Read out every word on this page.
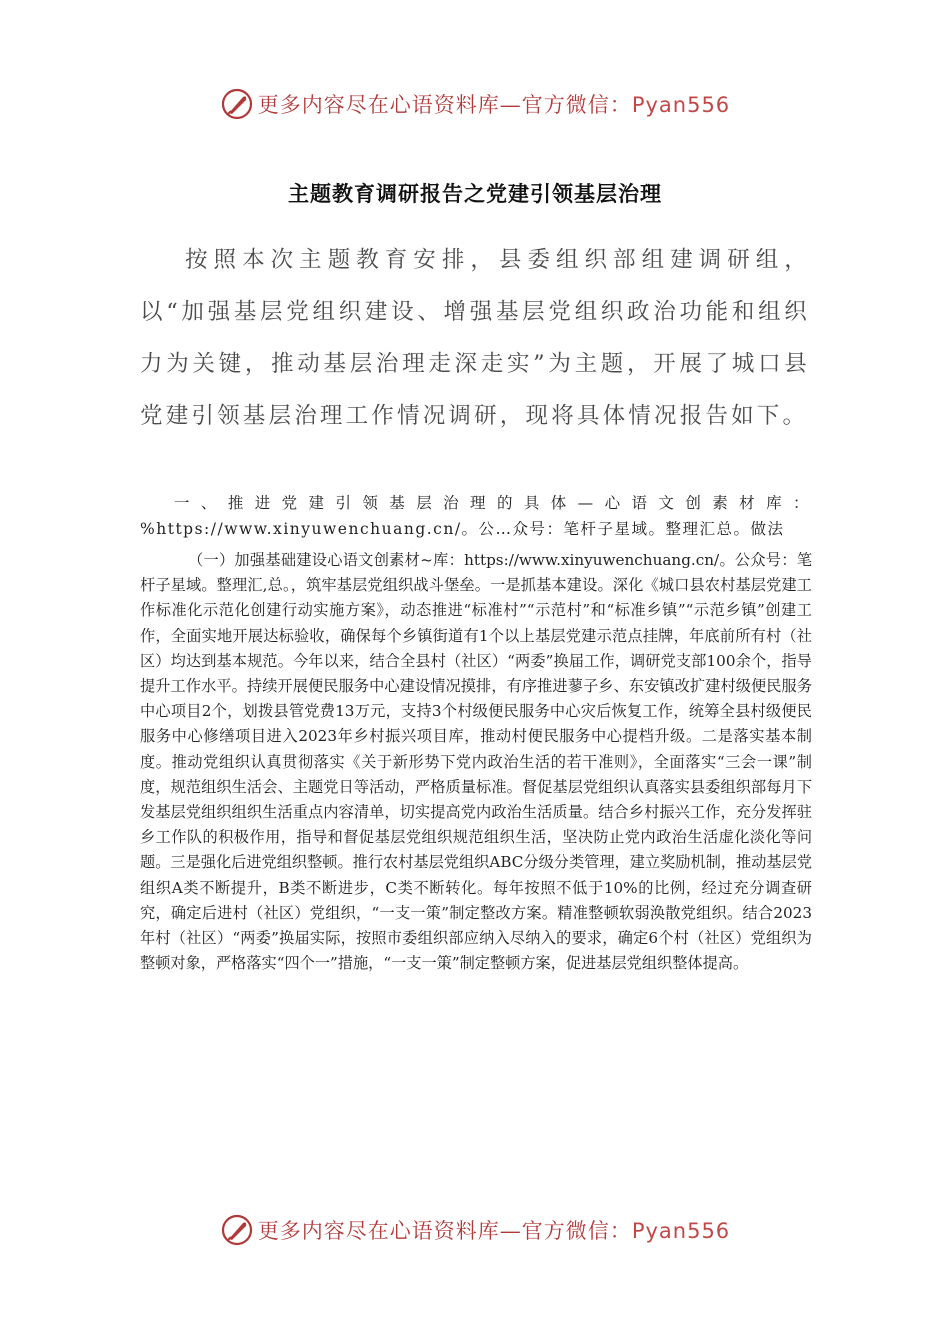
更多内容尽在心语资料库—官方微信：Pyan556
主题教育调研报告之党建引领基层治理

按照本次主题教育安排，县委组织部组建调研组，以“加强基层党组织建设、增强基层党组织政治功能和组织力为关键，推动基层治理走深走实”为主题，开展了城口县党建引领基层治理工作情况调研，现将具体情况报告如下。

一、推进党建引领基层治理的具体—心语文创素材库：%https://www.xinyuwenchuang.cn/。公…众号：笔杆子星域。整理汇总。做法

（一）加强基础建设心语文创素材~库：https://www.xinyuwenchuang.cn/。公众号：笔杆子星域。整理汇,总。，筑牢基层党组织战斗堡垒。一是抓基本建设。深化《城口县农村基层党建工作标准化示范化创建行动实施方案》，动态推进“标准村”“示范村”和“标准乡镇”“示范乡镇”创建工作，全面实地开展达标验收，确保每个乡镇街道有1个以上基层党建示范点挂牌，年底前所有村（社区）均达到基本规范。今年以来，结合全县村（社区）“两委”换届工作，调研党支部100余个，指导提升工作水平。持续开展便民服务中心建设情况摸排，有序推进蓼子乡、东安镇改扩建村级便民服务中心项目2个，划拨县管党费13万元，支持3个村级便民服务中心灾后恢复工作，统筹全县村级便民服务中心修缮项目进入2023年乡村振兴项目库，推动村便民服务中心提档升级。二是落实基本制度。推动党组织认真贯彻落实《关于新形势下党内政治生活的若干准则》，全面落实“三会一课”制度，规范组织生活会、主题党日等活动，严格质量标准。督促基层党组织认真落实县委组织部每月下发基层党组织组织生活重点内容清单，切实提高党内政治生活质量。结合乡村振兴工作，充分发挥驻乡工作队的积极作用，指导和督促基层党组织规范组织生活，坚决防止党内政治生活虚化淡化等问题。三是强化后进党组织整顿。推行农村基层党组织ABC分级分类管理，建立奖励机制，推动基层党组织A类不断提升，B类不断进步，C类不断转化。每年按照不低于10%的比例，经过充分调查研究，确定后进村（社区）党组织，“一支一策”制定整改方案。精准整顿软弱涣散党组织。结合2023年村（社区）“两委”换届实际，按照市委组织部应纳入尽纳入的要求，确定6个村（社区）党组织为整顿对象，严格落实“四个一”措施，“一支一策”制定整顿方案，促进基层党组织整体提高。

更多内容尽在心语资料库—官方微信：Pyan556
